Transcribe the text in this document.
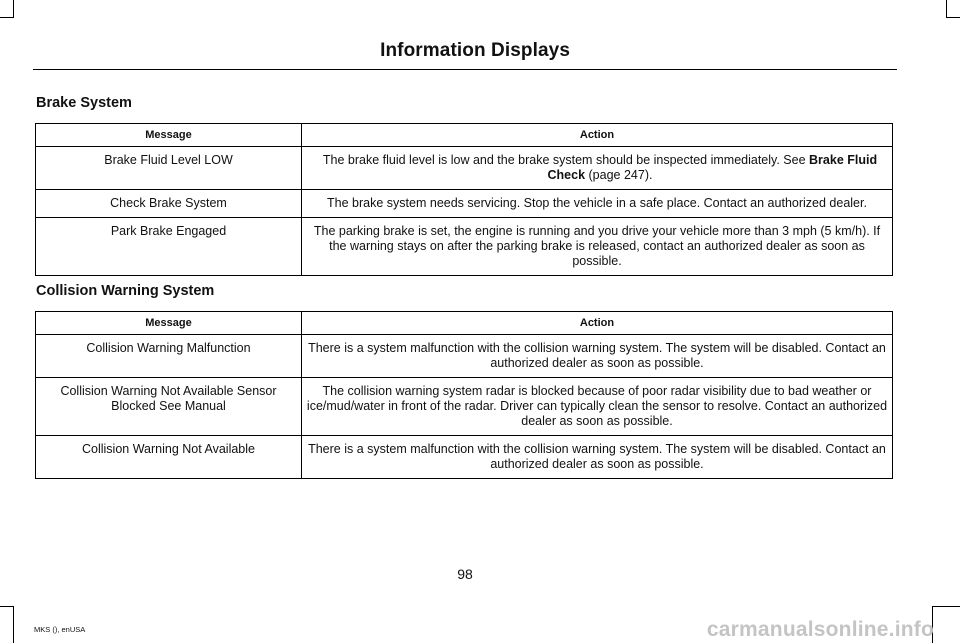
Information Displays
Brake System
Message	Action
Brake Fluid Level LOW	The brake fluid level is low and the brake system should be inspected immediately. See Brake Fluid Check (page 247).
Check Brake System	The brake system needs servicing. Stop the vehicle in a safe place. Contact an authorized dealer.
Park Brake Engaged	The parking brake is set, the engine is running and you drive your vehicle more than 3 mph (5 km/h). If the warning stays on after the parking brake is released, contact an authorized dealer as soon as possible.
Collision Warning System
Message	Action
Collision Warning Malfunction	There is a system malfunction with the collision warning system. The system will be disabled. Contact an authorized dealer as soon as possible.
Collision Warning Not Available Sensor Blocked See Manual	The collision warning system radar is blocked because of poor radar visibility due to bad weather or ice/mud/water in front of the radar. Driver can typically clean the sensor to resolve. Contact an authorized dealer as soon as possible.
Collision Warning Not Available	There is a system malfunction with the collision warning system. The system will be disabled. Contact an authorized dealer as soon as possible.
98
MKS (), enUSA	carmanualsonline.info
